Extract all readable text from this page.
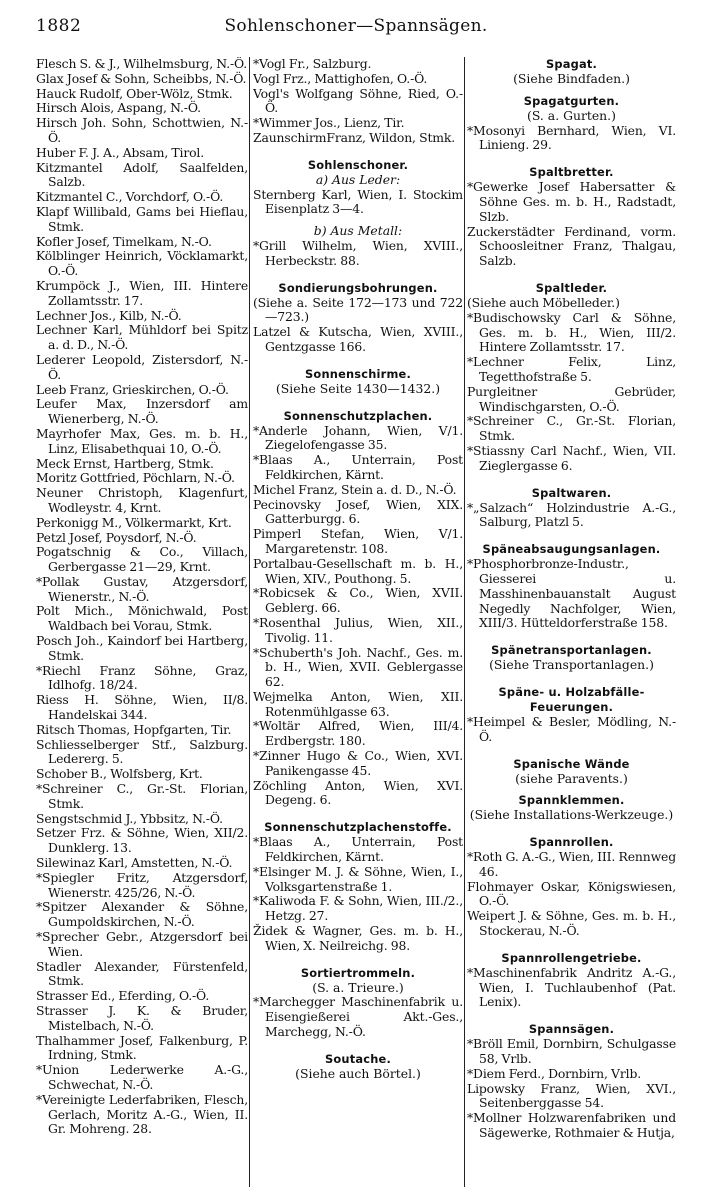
1882	Sohlenschoner—Spannsägen.

Flesch S. & J., Wilhelmsburg, N.-Ö.

Glax Josef & Sohn, Scheibbs, N.-Ö.

Hauck Rudolf, Ober-Wölz, Stmk.

Hirsch Alois, Aspang, N.-Ö.

Hirsch Joh. Sohn, Schottwien, N.-Ö.

Huber F. J. A., Absam, Tirol.

Kitzmantel Adolf, Saalfelden, Salzb.

Kitzmantel C., Vorchdorf, O.-Ö.

Klapf Willibald, Gams bei Hieflau, Stmk.

Kofler Josef, Timelkam, N.-O.

Kölblinger Heinrich, Vöcklamarkt, O.-Ö.

Krumpöck J., Wien, III. Hintere Zollamtsstr. 17.

Lechner Jos., Kilb, N.-Ö.

Lechner Karl, Mühldorf bei Spitz a. d. D., N.-Ö.

Lederer Leopold, Zistersdorf, N.-Ö.

Leeb Franz, Grieskirchen, O.-Ö.

Leufer Max, Inzersdorf am Wienerberg, N.-Ö.

Mayrhofer Max, Ges. m. b. H., Linz, Elisabethquai 10, O.-Ö.

Meck Ernst, Hartberg, Stmk.

Moritz Gottfried, Pöchlarn, N.-Ö.

Neuner Christoph, Klagenfurt, Wodleystr. 4, Krnt.

Perkonigg M., Völkermarkt, Krt.

Petzl Josef, Poysdorf, N.-Ö.

Pogatschnig & Co., Villach, Gerbergasse 21—29, Krnt.

*Pollak Gustav, Atzgersdorf, Wienerstr., N.-Ö.

Polt Mich., Mönichwald, Post Waldbach bei Vorau, Stmk.

Posch Joh., Kaindorf bei Hartberg, Stmk.

*Riechl Franz Söhne, Graz, Idlhofg. 18/24.

Riess H. Söhne, Wien, II/8. Handelskai 344.

Ritsch Thomas, Hopfgarten, Tir.

Schliesselberger Stf., Salzburg. Ledererg. 5.

Schober B., Wolfsberg, Krt.

*Schreiner C., Gr.-St. Florian, Stmk.

Sengstschmid J., Ybbsitz, N.-Ö.

Setzer Frz. & Söhne, Wien, XII/2. Dunklerg. 13.

Silewinaz Karl, Amstetten, N.-Ö.

*Spiegler Fritz, Atzgersdorf, Wienerstr. 425/26, N.-Ö.

*Spitzer Alexander & Söhne, Gumpoldskirchen, N.-Ö.

*Sprecher Gebr., Atzgersdorf bei Wien.

Stadler Alexander, Fürstenfeld, Stmk.

Strasser Ed., Eferding, O.-Ö.

Strasser J. K. & Bruder, Mistelbach, N.-Ö.

Thalhammer Josef, Falkenburg, P. Irdning, Stmk.

*Union Lederwerke A.-G., Schwechat, N.-Ö.

*Vereinigte Lederfabriken, Flesch, Gerlach, Moritz A.-G., Wien, II. Gr. Mohreng. 28.

*Vogl Fr., Salzburg.

Vogl Frz., Mattighofen, O.-Ö.

Vogl's Wolfgang Söhne, Ried, O.-Ö.

*Wimmer Jos., Lienz, Tir.

ZaunschirmFranz, Wildon, Stmk.

Sohlenschoner.

a) Aus Leder:

Sternberg Karl, Wien, I. Stockim Eisenplatz 3—4.

b) Aus Metall:

*Grill Wilhelm, Wien, XVIII., Herbeckstr. 88.

Sondierungsbohrungen.

(Siehe a. Seite 172—173 und 722—723.)

Latzel & Kutscha, Wien, XVIII., Gentzgasse 166.

Sonnenschirme.

(Siehe Seite 1430—1432.)

Sonnenschutzplachen.

*Anderle Johann, Wien, V/1. Ziegelofengasse 35.

*Blaas A., Unterrain, Post Feldkirchen, Kärnt.

Michel Franz, Stein a. d. D., N.-Ö.

Pecinovsky Josef, Wien, XIX. Gatterburgg. 6.

Pimperl Stefan, Wien, V/1. Margaretenstr. 108.

Portalbau-Gesellschaft m. b. H., Wien, XIV., Pouthong. 5.

*Robicsek & Co., Wien, XVII. Geblerg. 66.

*Rosenthal Julius, Wien, XII., Tivolig. 11.

*Schuberth's Joh. Nachf., Ges. m. b. H., Wien, XVII. Geblergasse 62.

Wejmelka Anton, Wien, XII. Rotenmühlgasse 63.

*Woltär Alfred, Wien, III/4. Erdbergstr. 180.

*Zinner Hugo & Co., Wien, XVI. Panikengasse 45.

Zöchling Anton, Wien, XVI. Degeng. 6.

Sonnenschutzplachenstoffe.

*Blaas A., Unterrain, Post Feldkirchen, Kärnt.

*Elsinger M. J. & Söhne, Wien, I., Volksgartenstraße 1.

*Kaliwoda F. & Sohn, Wien, III./2., Hetzg. 27.

Židek & Wagner, Ges. m. b. H., Wien, X. Neilreichg. 98.

Sortiertrommeln.

(S. a. Trieure.)

*Marchegger Maschinenfabrik u. Eisengießerei Akt.-Ges., Marchegg, N.-Ö.

Soutache.

(Siehe auch Börtel.)

Spagat.

(Siehe Bindfaden.)

Spagatgurten.

(S. a. Gurten.)

*Mosonyi Bernhard, Wien, VI. Linieng. 29.

Spaltbretter.

*Gewerke Josef Habersatter & Söhne Ges. m. b. H., Radstadt, Slzb.

Zuckerstädter Ferdinand, vorm. Schoosleitner Franz, Thalgau, Salzb.

Spaltleder.

(Siehe auch Möbelleder.)

*Budischowsky Carl & Söhne, Ges. m. b. H., Wien, III/2. Hintere Zollamtsstr. 17.

*Lechner Felix, Linz, Tegetthofstraße 5.

Purgleitner Gebrüder, Windischgarsten, O.-Ö.

*Schreiner C., Gr.-St. Florian, Stmk.

*Stiassny Carl Nachf., Wien, VII. Zieglergasse 6.

Spaltwaren.

*„Salzach“ Holzindustrie A.-G., Salburg, Platzl 5.

Späneabsaugungsanlagen.

*Phosphorbronze-Industr., Giesserei u. Masshinenbauanstalt August Negedly Nachfolger, Wien, XIII/3. Hütteldorferstraße 158.

Spänetransportanlagen.

(Siehe Transportanlagen.)

Späne- u. Holzabfälle-Feuerungen.

*Heimpel & Besler, Mödling, N.-Ö.

Spanische Wände

(siehe Paravents.)

Spannklemmen.

(Siehe Installations-Werkzeuge.)

Spannrollen.

*Roth G. A.-G., Wien, III. Rennweg 46.

Flohmayer Oskar, Königswiesen, O.-Ö.

Weipert J. & Söhne, Ges. m. b. H., Stockerau, N.-Ö.

Spannrollengetriebe.

*Maschinenfabrik Andritz A.-G., Wien, I. Tuchlaubenhof (Pat. Lenix).

Spannsägen.

*Bröll Emil, Dornbirn, Schulgasse 58, Vrlb.

*Diem Ferd., Dornbirn, Vrlb.

Lipowsky Franz, Wien, XVI., Seitenberggasse 54.

*Mollner Holzwarenfabriken und Sägewerke, Rothmaier & Hutja,
